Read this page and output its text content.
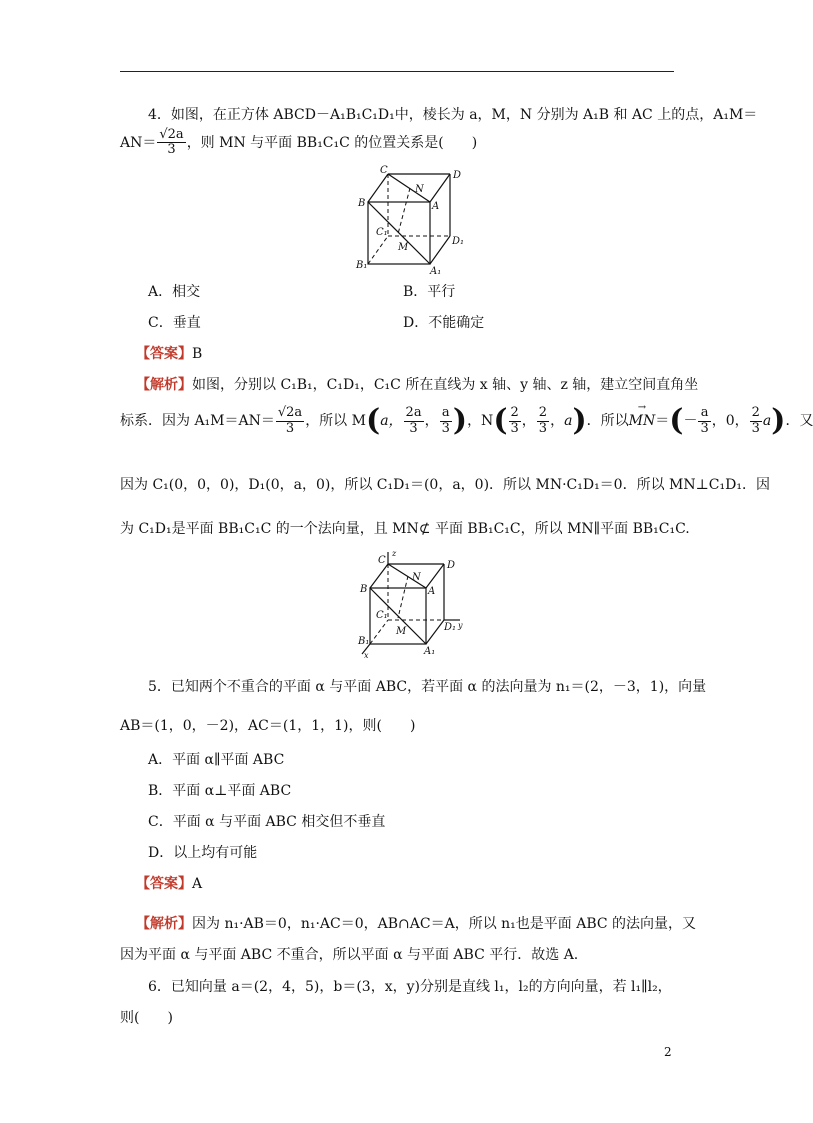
4．如图，在正方体 ABCD－A₁B₁C₁D₁中，棱长为 a，M，N 分别为 A₁B 和 AC 上的点，A₁M＝
$AN= \frac{√2a}{3}$ ，则 MN 与平面 BB₁C₁C 的位置关系是(　　)
C	D
N
B	A
C₁
M
D₁
B₁
A₁
A．相交	B．平行
C．垂直	D．不能确定
【答案】B
【解析】如图，分别以 C₁B₁，C₁D₁，C₁C 所在直线为 x 轴、y 轴、z 轴，建立空间直角坐
标系．因为 $A_1M=AN= \frac{√2a}{3}$ ，所以 M(a， $\frac{2a}{3}$ ， $\frac{a}{3}$ )，$N( \frac{2}{3}$ ， $\frac{2}{3}$ ，a)．所以→ $MN=(- \frac{a}{3}$ ，0， $\frac{2}{3} a$)．又
因为 C₁(0，0，0)，D₁(0，a，0)，所以 C₁D₁＝(0，a，0)．所以 MN·C₁D₁＝0．所以 MN⊥C₁D₁．因
为 C₁D₁是平面 BB₁C₁C 的一个法向量，且 MN⊄ 平面 BB₁C₁C，所以 MN∥平面 BB₁C₁C.
z
C	D
N
B	A
C₁
M	D₁ y
B₁
x	A₁
5．已知两个不重合的平面 α 与平面 ABC，若平面 α 的法向量为 n₁＝(2，－3，1)，向量
AB＝(1，0，－2)，AC＝(1，1，1)，则(　　)
A．平面 α∥平面 ABC
B．平面 α⊥平面 ABC
C．平面 α 与平面 ABC 相交但不垂直
D．以上均有可能
【答案】A
【解析】因为 n₁·AB＝0，n₁·AC＝0，AB∩AC＝A，所以 n₁也是平面 ABC 的法向量，又
因为平面 α 与平面 ABC 不重合，所以平面 α 与平面 ABC 平行．故选 A.
6．已知向量 a＝(2，4，5)，b＝(3，x，y)分别是直线 l₁，l₂的方向向量，若 l₁∥l₂，
则(　　)
2
